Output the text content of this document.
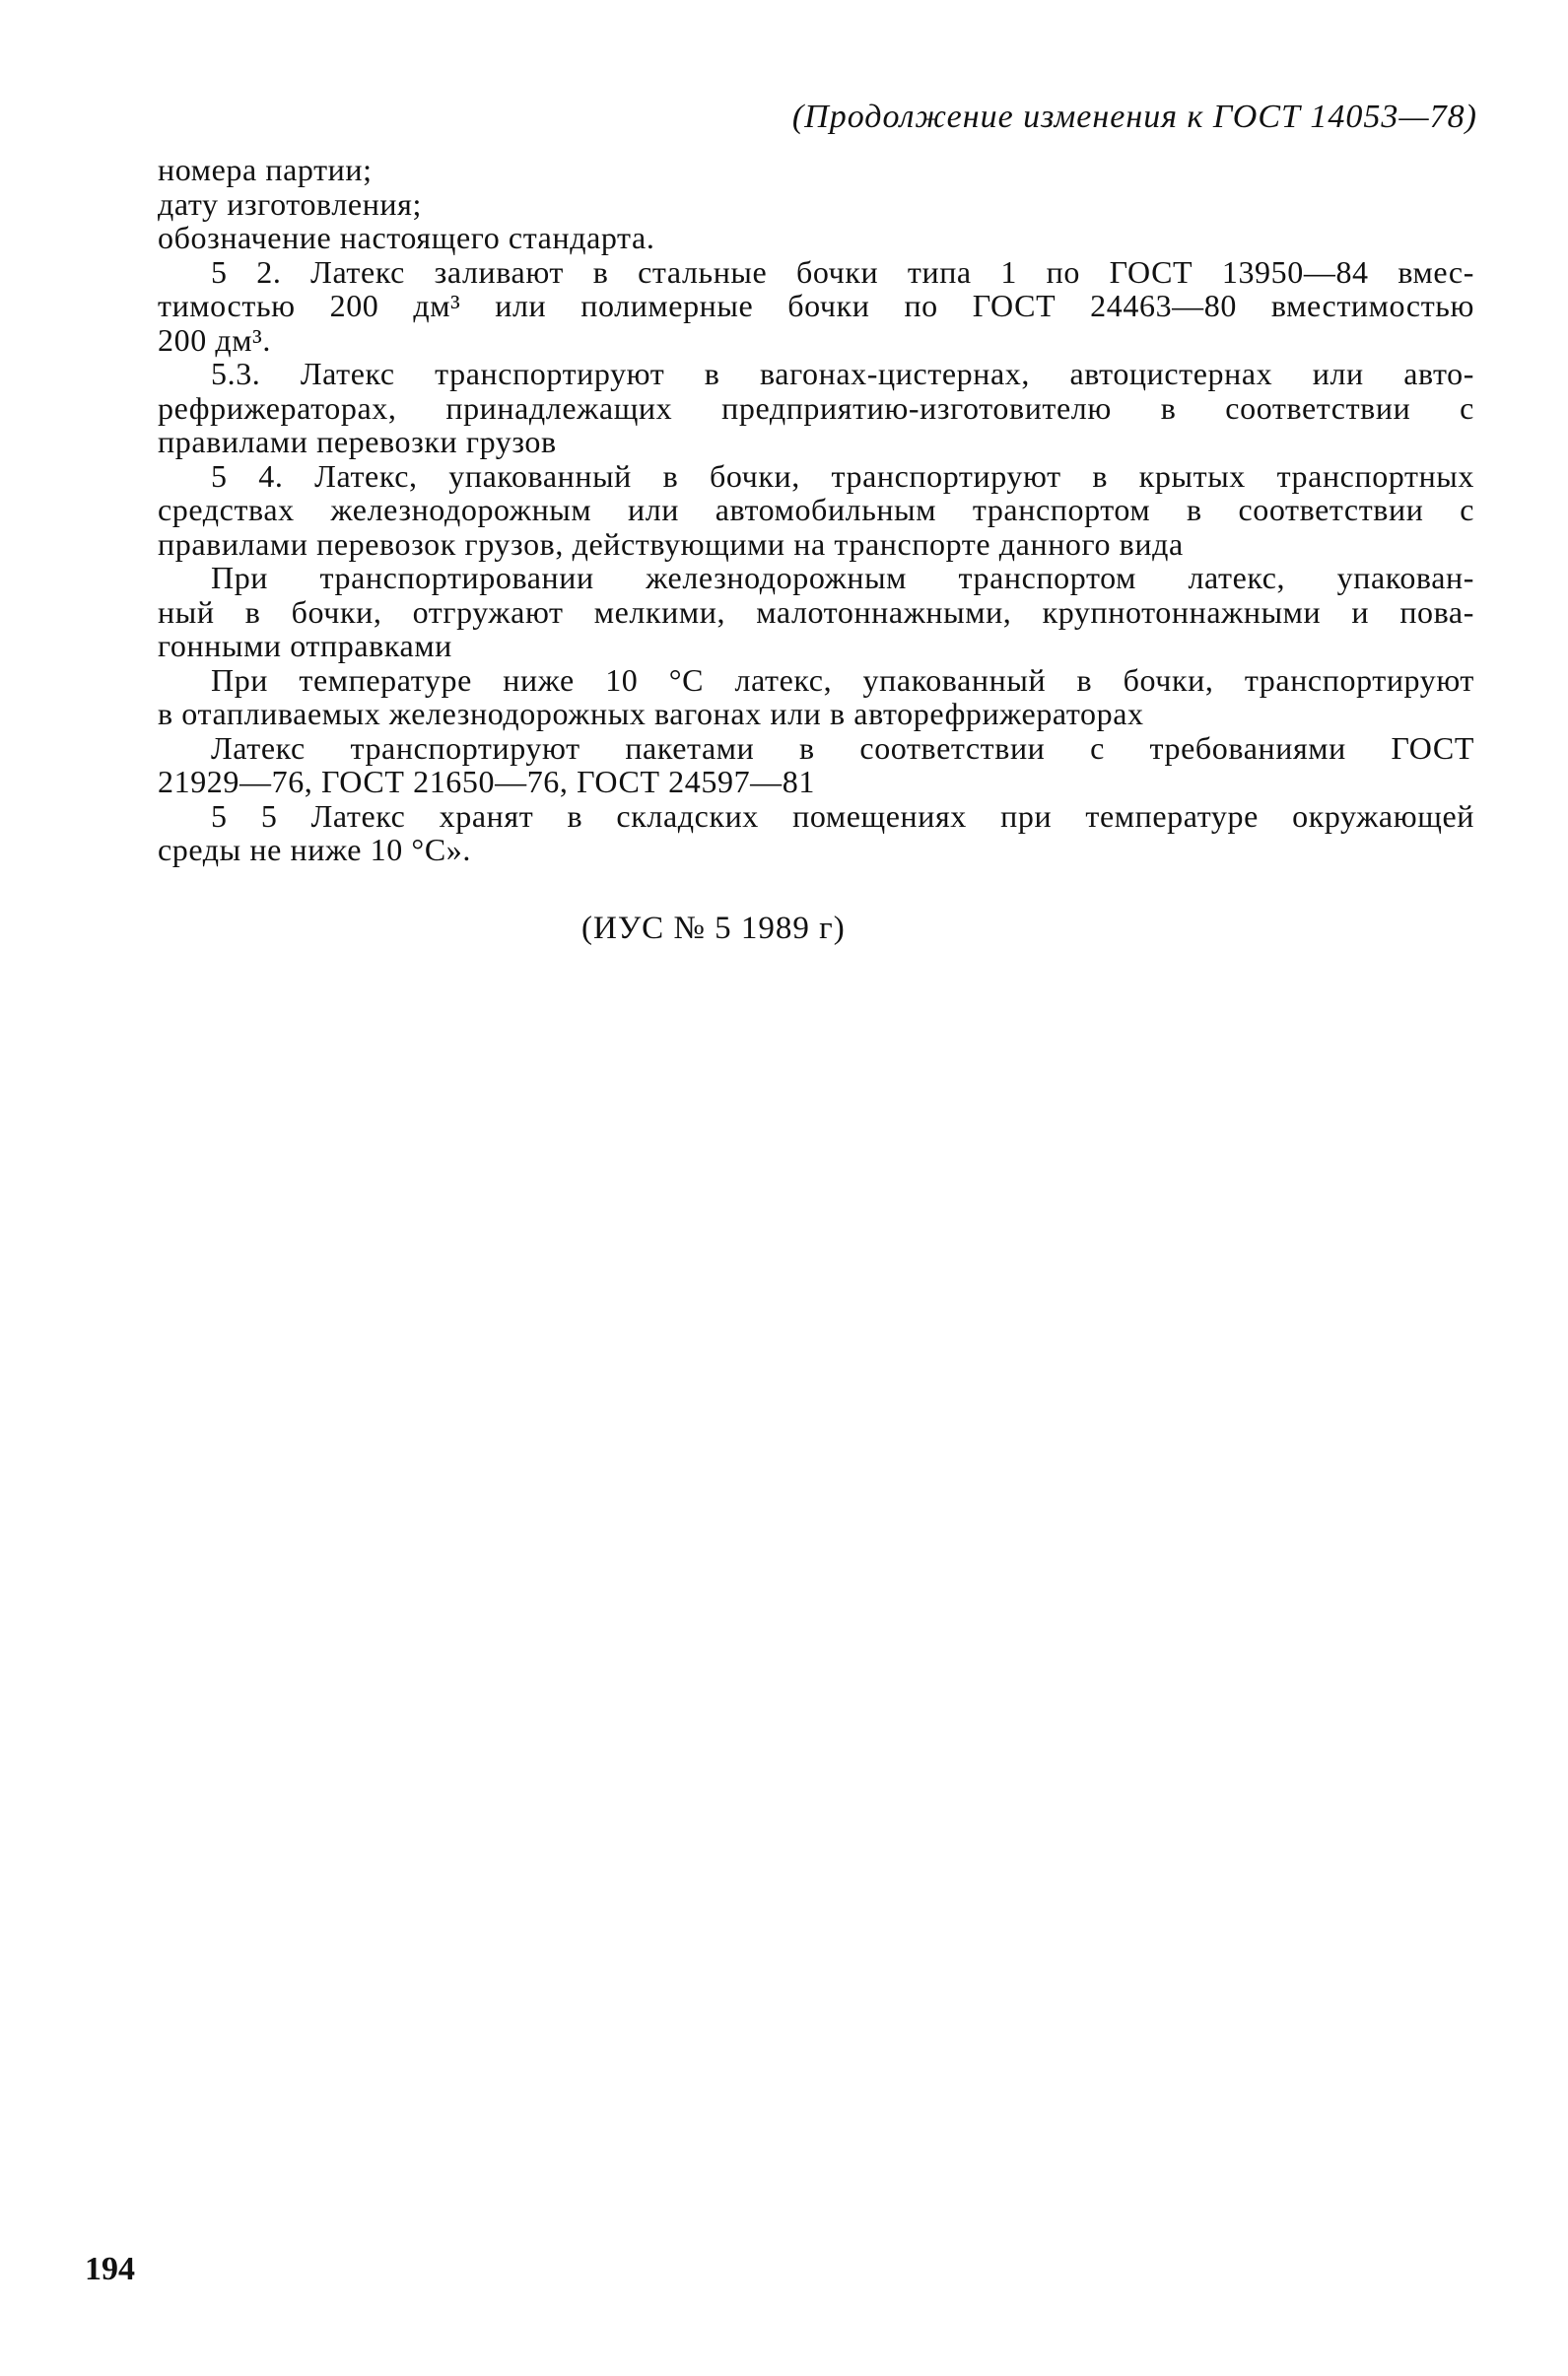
(Продолжение изменения к ГОСТ 14053—78)
номера партии;
дату изготовления;
обозначение настоящего стандарта.
5 2. Латекс заливают в стальные бочки типа 1 по ГОСТ 13950—84 вмес-
тимостью 200 дм³ или полимерные бочки по ГОСТ 24463—80 вместимостью
200 дм³.
5.3. Латекс транспортируют в вагонах-цистернах, автоцистернах или авто-
рефрижераторах, принадлежащих предприятию-изготовителю в соответствии с
правилами перевозки грузов
5 4. Латекс, упакованный в бочки, транспортируют в крытых транспортных
средствах железнодорожным или автомобильным транспортом в соответствии с
правилами перевозок грузов, действующими на транспорте данного вида
При транспортировании железнодорожным транспортом латекс, упакован-
ный в бочки, отгружают мелкими, малотоннажными, крупнотоннажными и пова-
гонными отправками
При температуре ниже 10 °С латекс, упакованный в бочки, транспортируют
в отапливаемых железнодорожных вагонах или в авторефрижераторах
Латекс транспортируют пакетами в соответствии с требованиями ГОСТ
21929—76, ГОСТ 21650—76, ГОСТ 24597—81
5 5 Латекс хранят в складских помещениях при температуре окружающей
среды не ниже 10 °С».
(ИУС № 5 1989 г)
194
